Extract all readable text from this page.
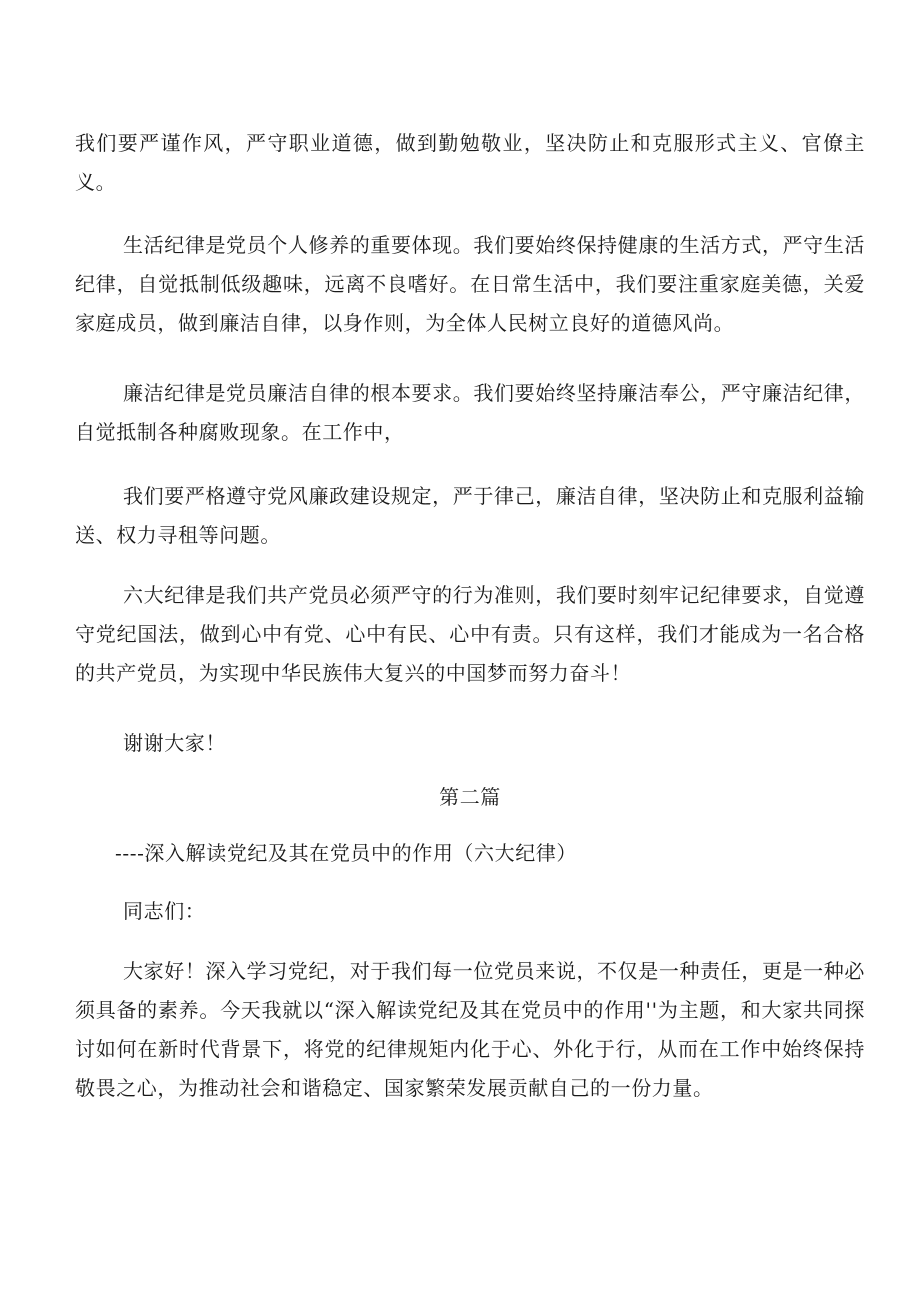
我们要严谨作风，严守职业道德，做到勤勉敬业，坚决防止和克服形式主义、官僚主义。

生活纪律是党员个人修养的重要体现。我们要始终保持健康的生活方式，严守生活纪律，自觉抵制低级趣味，远离不良嗜好。在日常生活中，我们要注重家庭美德，关爱家庭成员，做到廉洁自律，以身作则，为全体人民树立良好的道德风尚。

廉洁纪律是党员廉洁自律的根本要求。我们要始终坚持廉洁奉公，严守廉洁纪律，自觉抵制各种腐败现象。在工作中，

我们要严格遵守党风廉政建设规定，严于律己，廉洁自律，坚决防止和克服利益输送、权力寻租等问题。

六大纪律是我们共产党员必须严守的行为准则，我们要时刻牢记纪律要求，自觉遵守党纪国法，做到心中有党、心中有民、心中有责。只有这样，我们才能成为一名合格的共产党员，为实现中华民族伟大复兴的中国梦而努力奋斗！

谢谢大家！

第二篇

----深入解读党纪及其在党员中的作用（六大纪律）

同志们：

大家好！深入学习党纪，对于我们每一位党员来说，不仅是一种责任，更是一种必须具备的素养。今天我就以“深入解读党纪及其在党员中的作用''为主题，和大家共同探讨如何在新时代背景下，将党的纪律规矩内化于心、外化于行，从而在工作中始终保持敬畏之心，为推动社会和谐稳定、国家繁荣发展贡献自己的一份力量。
